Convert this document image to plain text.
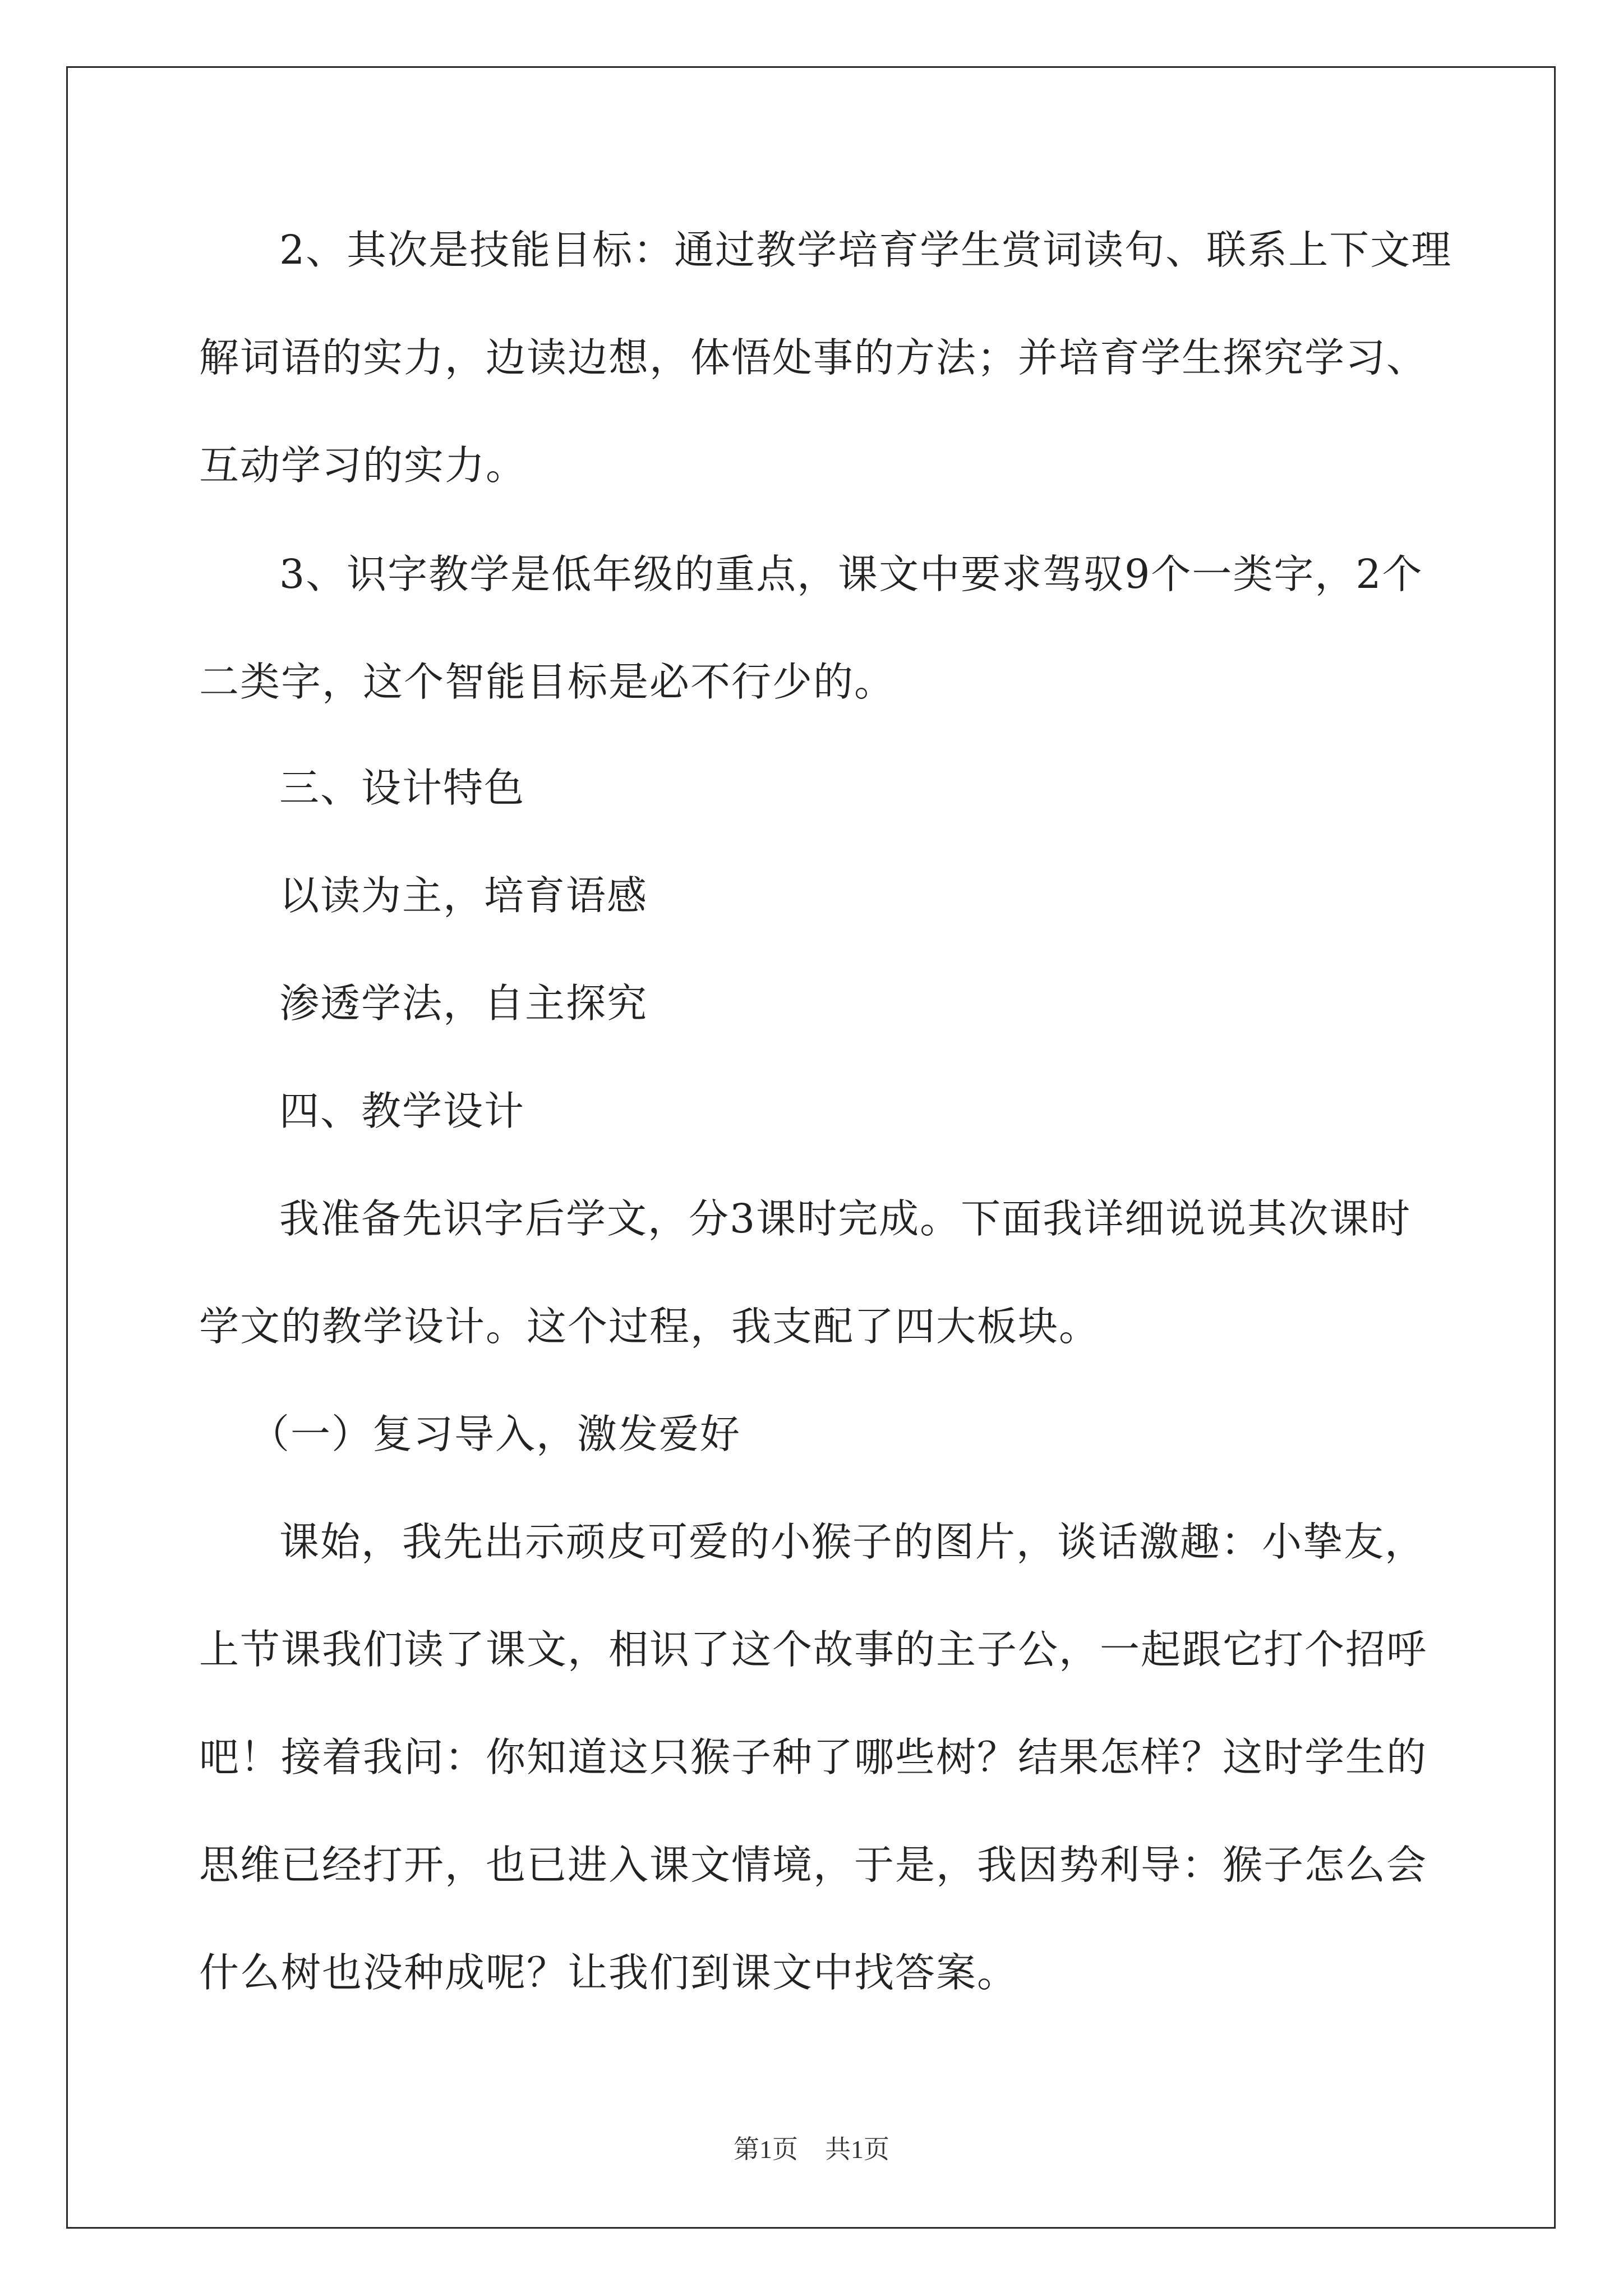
2、其次是技能目标：通过教学培育学生赏词读句、联系上下文理
解词语的实力，边读边想，体悟处事的方法；并培育学生探究学习、
互动学习的实力。
3、识字教学是低年级的重点，课文中要求驾驭9个一类字，2个
二类字，这个智能目标是必不行少的。
三、设计特色
以读为主，培育语感
渗透学法，自主探究
四、教学设计
我准备先识字后学文，分3课时完成。下面我详细说说其次课时
学文的教学设计。这个过程，我支配了四大板块。
（一）复习导入，激发爱好
课始，我先出示顽皮可爱的小猴子的图片，谈话激趣：小挚友，
上节课我们读了课文，相识了这个故事的主子公，一起跟它打个招呼
吧！接着我问：你知道这只猴子种了哪些树？结果怎样？这时学生的
思维已经打开，也已进入课文情境，于是，我因势利导：猴子怎么会
什么树也没种成呢？让我们到课文中找答案。
第1页 共1页
